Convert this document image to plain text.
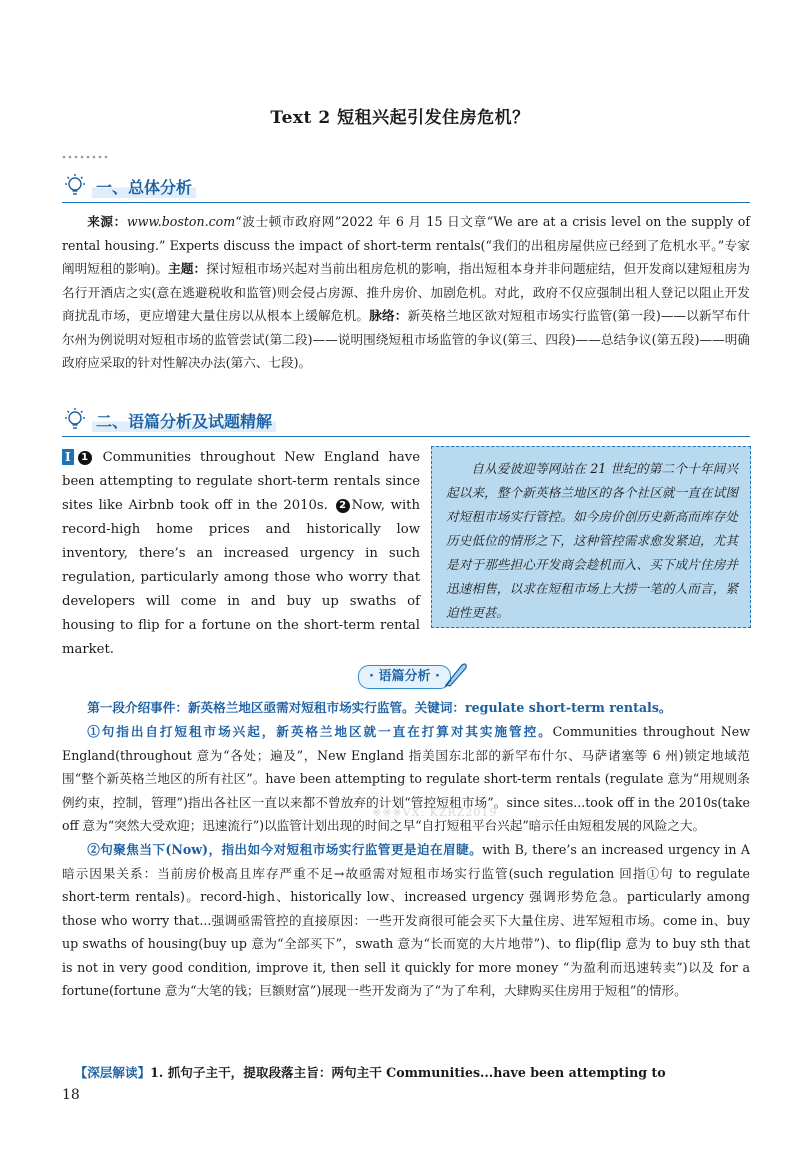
Text 2 短租兴起引发住房危机？
一、总体分析
来源：www.boston.com“波士顿市政府网”2022 年 6 月 15 日文章“We are at a crisis level on the supply of rental housing.” Experts discuss the impact of short-term rentals(“我们的出租房屋供应已经到了危机水平。”专家阐明短租的影响)。主题：探讨短租市场兴起对当前出租房危机的影响，指出短租本身并非问题症结，但开发商以建短租房为名行开酒店之实(意在逃避税收和监管)则会侵占房源、推升房价、加剧危机。对此，政府不仅应强制出租人登记以阻止开发商扰乱市场，更应增建大量住房以从根本上缓解危机。脉络：新英格兰地区欲对短租市场实行监管(第一段)——以新罕布什尔州为例说明对短租市场的监管尝试(第二段)——说明围绕短租市场监管的争议(第三、四段)——总结争议(第五段)——明确政府应采取的针对性解决办法(第六、七段)。
二、语篇分析及试题精解
I 1 Communities throughout New England have been attempting to regulate short-term rentals since sites like Airbnb took off in the 2010s. 2 Now, with record-high home prices and historically low inventory, there’s an increased urgency in such regulation, particularly among those who worry that developers will come in and buy up swaths of housing to flip for a fortune on the short-term rental market.
自从爱彼迎等网站在 21 世纪的第二个十年间兴起以来，整个新英格兰地区的各个社区就一直在试图对短租市场实行管控。如今房价创历史新高而库存处历史低位的情形之下，这种管控需求愈发紧迫，尤其是对于那些担心开发商会趁机而入、买下成片住房并迅速相售，以求在短租市场上大捞一笔的人而言，紧迫性更甚。
· 语篇分析 ·
第一段介绍事件：新英格兰地区亟需对短租市场实行监管。关键词：regulate short-term rentals。
①句指出自打短租市场兴起，新英格兰地区就一直在打算对其实施管控。Communities throughout New England(throughout 意为“各处；遍及”，New England 指美国东北部的新罕布什尔、马萨诸塞等 6 州)锁定地域范围“整个新英格兰地区的所有社区”。have been attempting to regulate short-term rentals (regulate 意为“用规则条例约束，控制，管理”)指出各社区一直以来都不曾放弃的计划“管控短租市场”。since sites...took off in the 2010s(take off 意为“突然大受欢迎；迅速流行”)以监管计划出现的时间之早“自打短租平台兴起”暗示任由短租发展的风险之大。
※※※VX: KZRZ2019
②句聚焦当下(Now)，指出如今对短租市场实行监管更是迫在眉睫。with B, there’s an increased urgency in A 暗示因果关系：当前房价极高且库存严重不足→故亟需对短租市场实行监管(such regulation 回指①句 to regulate short-term rentals)。record-high、historically low、increased urgency 强调形势危急。particularly among those who worry that...强调亟需管控的直接原因：一些开发商很可能会买下大量住房、进军短租市场。come in、buy up swaths of housing(buy up 意为“全部买下”，swath 意为“长而宽的大片地带”)、to flip(flip 意为 to buy sth that is not in very good condition, improve it, then sell it quickly for more money “为盈利而迅速转卖”)以及 for a fortune(fortune 意为“大笔的钱；巨额财富”)展现一些开发商为了“为了牟利，大肆购买住房用于短租”的情形。
【深层解读】1. 抓句子主干，提取段落主旨：两句主干 Communities...have been attempting to
18
